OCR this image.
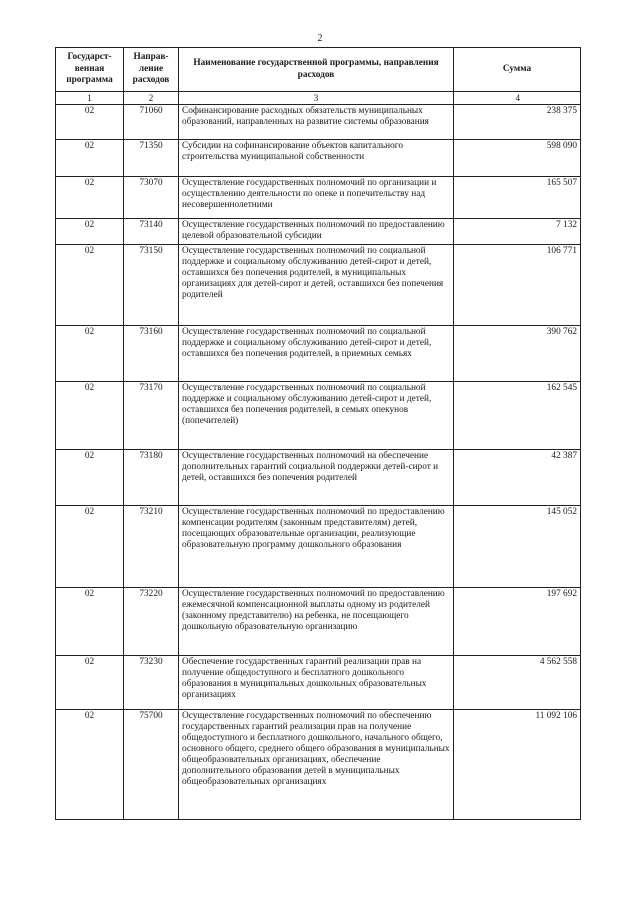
2
Государст-венная программа	Направ-ление расходов	Наименование государственной программы, направления расходов	Сумма
1	2	3	4
02	71060	Софинансирование расходных обязательств муниципальных образований, направленных на развитие системы образования	238 375
02	71350	Субсидии на софинансирование объектов капитального строительства муниципальной собственности	598 090
02	73070	Осуществление государственных полномочий по организации и осуществлению деятельности по опеке и попечительству над несовершеннолетними	165 507
02	73140	Осуществление государственных полномочий по предоставлению целевой образовательной субсидии	7 132
02	73150	Осуществление государственных полномочий по социальной поддержке и социальному обслуживанию детей-сирот и детей, оставшихся без попечения родителей, в муниципальных организациях для детей-сирот и детей, оставшихся без попечения родителей	106 771
02	73160	Осуществление государственных полномочий по социальной поддержке и социальному обслуживанию детей-сирот и детей, оставшихся без попечения родителей, в приемных семьях	390 762
02	73170	Осуществление государственных полномочий по социальной поддержке и социальному обслуживанию детей-сирот и детей, оставшихся без попечения родителей, в семьях опекунов (попечителей)	162 545
02	73180	Осуществление государственных полномочий на обеспечение дополнительных гарантий социальной поддержки детей-сирот и детей, оставшихся без попечения родителей	42 387
02	73210	Осуществление государственных полномочий по предоставлению компенсации родителям (законным представителям) детей, посещающих образовательные организации, реализующие образовательную программу дошкольного образования	145 052
02	73220	Осуществление государственных полномочий по предоставлению ежемесячной компенсационной выплаты одному из родителей (законному представителю) на ребенка, не посещающего дошкольную образовательную организацию	197 692
02	73230	Обеспечение государственных гарантий реализации прав на получение общедоступного и бесплатного дошкольного образования в муниципальных дошкольных образовательных организациях	4 562 558
02	75700	Осуществление государственных полномочий по обеспечению государственных гарантий реализации прав на получение общедоступного и бесплатного дошкольного, начального общего, основного общего, среднего общего образования в муниципальных общеобразовательных организациях, обеспечение дополнительного образования детей в муниципальных общеобразовательных организациях	11 092 106
